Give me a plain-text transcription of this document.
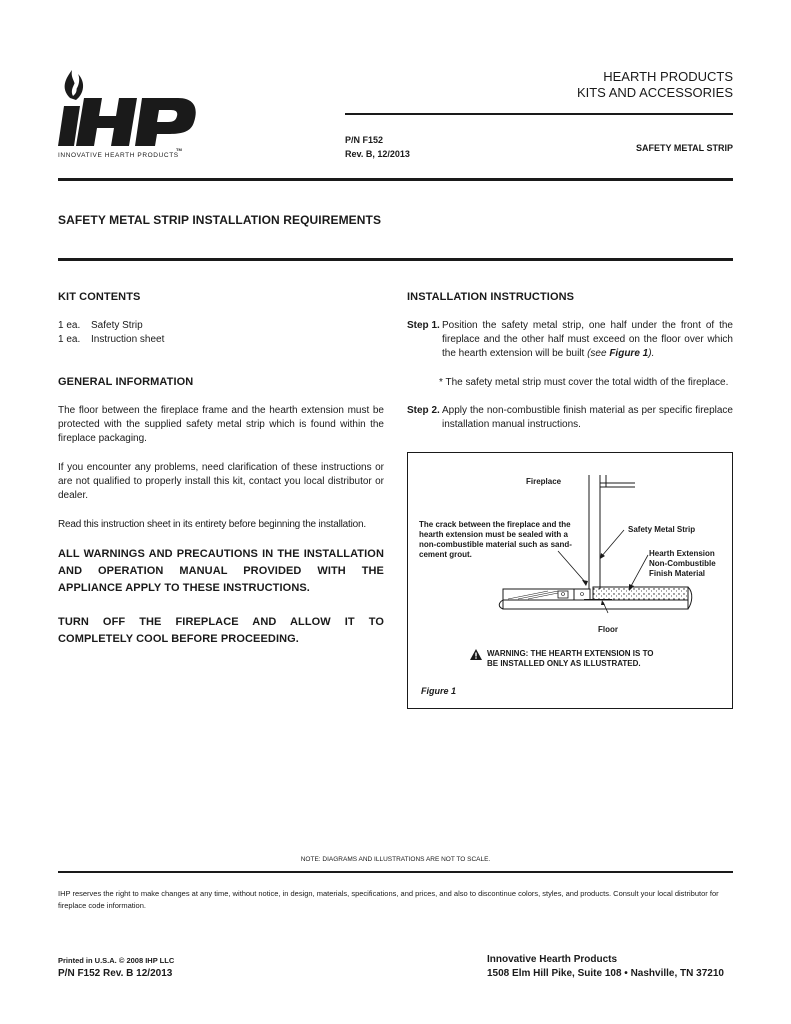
TM
INNOVATIVE HEARTH PRODUCTS
HEARTH PRODUCTS
KITS AND ACCESSORIES
P/N F152
Rev. B, 12/2013
SAFETY METAL STRIP
SAFETY METAL STRIP INSTALLATION REQUIREMENTS
KIT CONTENTS
1 ea. Safety Strip
1 ea. Instruction sheet
GENERAL INFORMATION
The floor between the fireplace frame and the hearth extension must be protected with the supplied safety metal strip which is found within the fireplace packaging.
If you encounter any problems, need clarification of these instructions or are not qualified to properly install this kit, contact you local distributor or dealer.
Read this instruction sheet in its entirety before beginning the installation.
ALL WARNINGS AND PRECAUTIONS IN THE INSTALLATION AND OPERATION MANUAL PROVIDED WITH THE APPLIANCE APPLY TO THESE INSTRUCTIONS.
TURN OFF THE FIREPLACE AND ALLOW IT TO COMPLETELY COOL BEFORE PROCEEDING.
INSTALLATION INSTRUCTIONS
Step 1. Position the safety metal strip, one half under the front of the fireplace and the other half must exceed on the floor over which the hearth extension will be built (see Figure 1).
* The safety metal strip must cover the total width of the fireplace.
Step 2. Apply the non-combustible finish material as per specific fireplace installation manual instructions.
Fireplace
The crack between the fireplace and the hearth extension must be sealed with a non-combustible material such as sand-cement grout.
Safety Metal Strip
Hearth Extension
Non-Combustible
Finish Material
Floor
WARNING: THE HEARTH EXTENSION IS TO
BE INSTALLED ONLY AS ILLUSTRATED.
Figure 1
NOTE: DIAGRAMS AND ILLUSTRATIONS ARE NOT TO SCALE.
IHP reserves the right to make changes at any time, without notice, in design, materials, specifications, and prices, and also to discontinue colors, styles, and products. Consult your local distributor for fireplace code information.
Printed in U.S.A. © 2008 IHP LLC
P/N F152 Rev. B 12/2013
Innovative Hearth Products
1508 Elm Hill Pike, Suite 108 • Nashville, TN 37210
